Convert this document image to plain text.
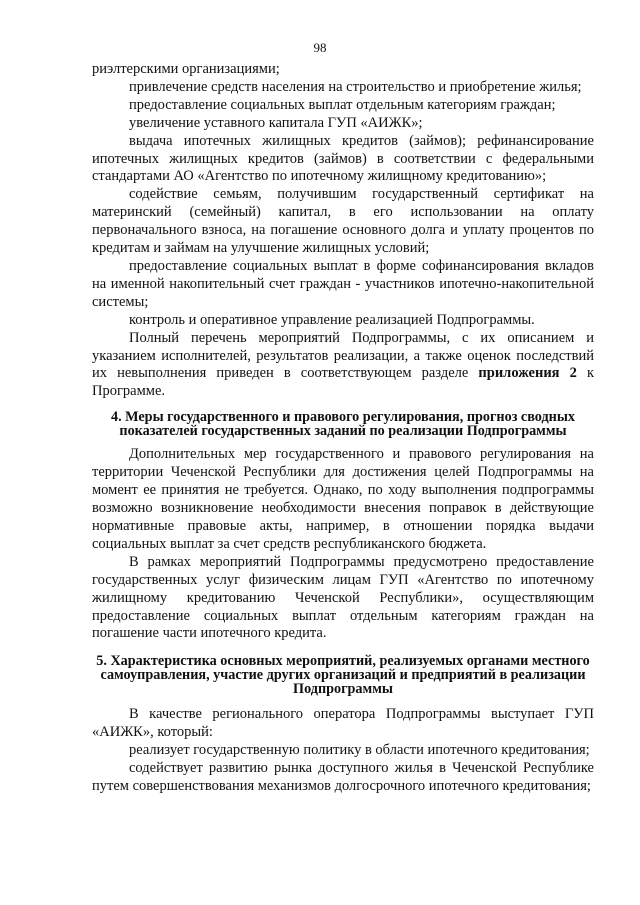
98

риэлтерскими организациями;

привлечение средств населения на строительство и приобретение жилья;

предоставление социальных выплат отдельным категориям граждан;

увеличение уставного капитала ГУП «АИЖК»;

выдача ипотечных жилищных кредитов (займов); рефинансирование ипотечных жилищных кредитов (займов) в соответствии с федеральными стандартами АО «Агентство по ипотечному жилищному кредитованию»;

содействие семьям, получившим государственный сертификат на материнский (семейный) капитал, в его использовании на оплату первоначального взноса, на погашение основного долга и уплату процентов по кредитам и займам на улучшение жилищных условий;

предоставление социальных выплат в форме софинансирования вкладов на именной накопительный счет граждан - участников ипотечно-накопительной системы;

контроль и оперативное управление реализацией Подпрограммы.

Полный перечень мероприятий Подпрограммы, с их описанием и указанием исполнителей, результатов реализации, а также оценок последствий их невыполнения приведен в соответствующем разделе приложения 2 к Программе.

4. Меры государственного и правового регулирования, прогноз сводных показателей государственных заданий по реализации Подпрограммы

Дополнительных мер государственного и правового регулирования на территории Чеченской Республики для достижения целей Подпрограммы на момент ее принятия не требуется. Однако, по ходу выполнения подпрограммы возможно возникновение необходимости внесения поправок в действующие нормативные правовые акты, например, в отношении порядка выдачи социальных выплат за счет средств республиканского бюджета.

В рамках мероприятий Подпрограммы предусмотрено предоставление государственных услуг физическим лицам ГУП «Агентство по ипотечному жилищному кредитованию Чеченской Республики», осуществляющим предоставление социальных выплат отдельным категориям граждан на погашение части ипотечного кредита.

5. Характеристика основных мероприятий, реализуемых органами местного самоуправления, участие других организаций и предприятий в реализации Подпрограммы

В качестве регионального оператора Подпрограммы выступает ГУП «АИЖК», который:

реализует государственную политику в области ипотечного кредитования;

содействует развитию рынка доступного жилья в Чеченской Республике путем совершенствования механизмов долгосрочного ипотечного кредитования;
